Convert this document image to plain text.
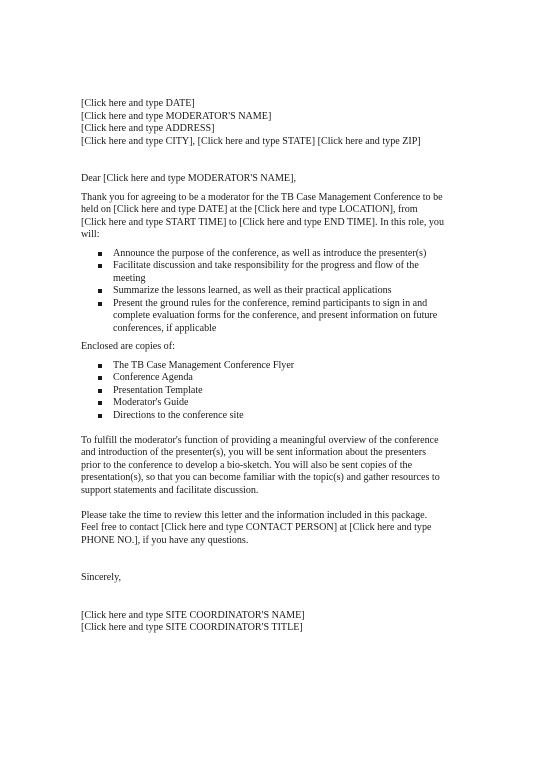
[Click here and type DATE]
[Click here and type MODERATOR'S NAME]
[Click here and type ADDRESS]
[Click here and type CITY], [Click here and type STATE] [Click here and type ZIP]

Dear [Click here and type MODERATOR'S NAME],

Thank you for agreeing to be a moderator for the TB Case Management Conference to be
held on [Click here and type DATE] at the [Click here and type LOCATION], from
[Click here and type START TIME] to [Click here and type END TIME]. In this role, you
will:
Announce the purpose of the conference, as well as introduce the presenter(s)
Facilitate discussion and take responsibility for the progress and flow of the
meeting
Summarize the lessons learned, as well as their practical applications
Present the ground rules for the conference, remind participants to sign in and
complete evaluation forms for the conference, and present information on future
conferences, if applicable

Enclosed are copies of:

The TB Case Management Conference Flyer
Conference Agenda
Presentation Template
Moderator's Guide
Directions to the conference site
To fulfill the moderator's function of providing a meaningful overview of the conference
and introduction of the presenter(s), you will be sent information about the presenters
prior to the conference to develop a bio-sketch. You will also be sent copies of the
presentation(s), so that you can become familiar with the topic(s) and gather resources to
support statements and facilitate discussion.
Please take the time to review this letter and the information included in this package.
Feel free to contact [Click here and type CONTACT PERSON] at [Click here and type
PHONE NO.], if you have any questions.

Sincerely,

[Click here and type SITE COORDINATOR'S NAME]
[Click here and type SITE COORDINATOR'S TITLE]
